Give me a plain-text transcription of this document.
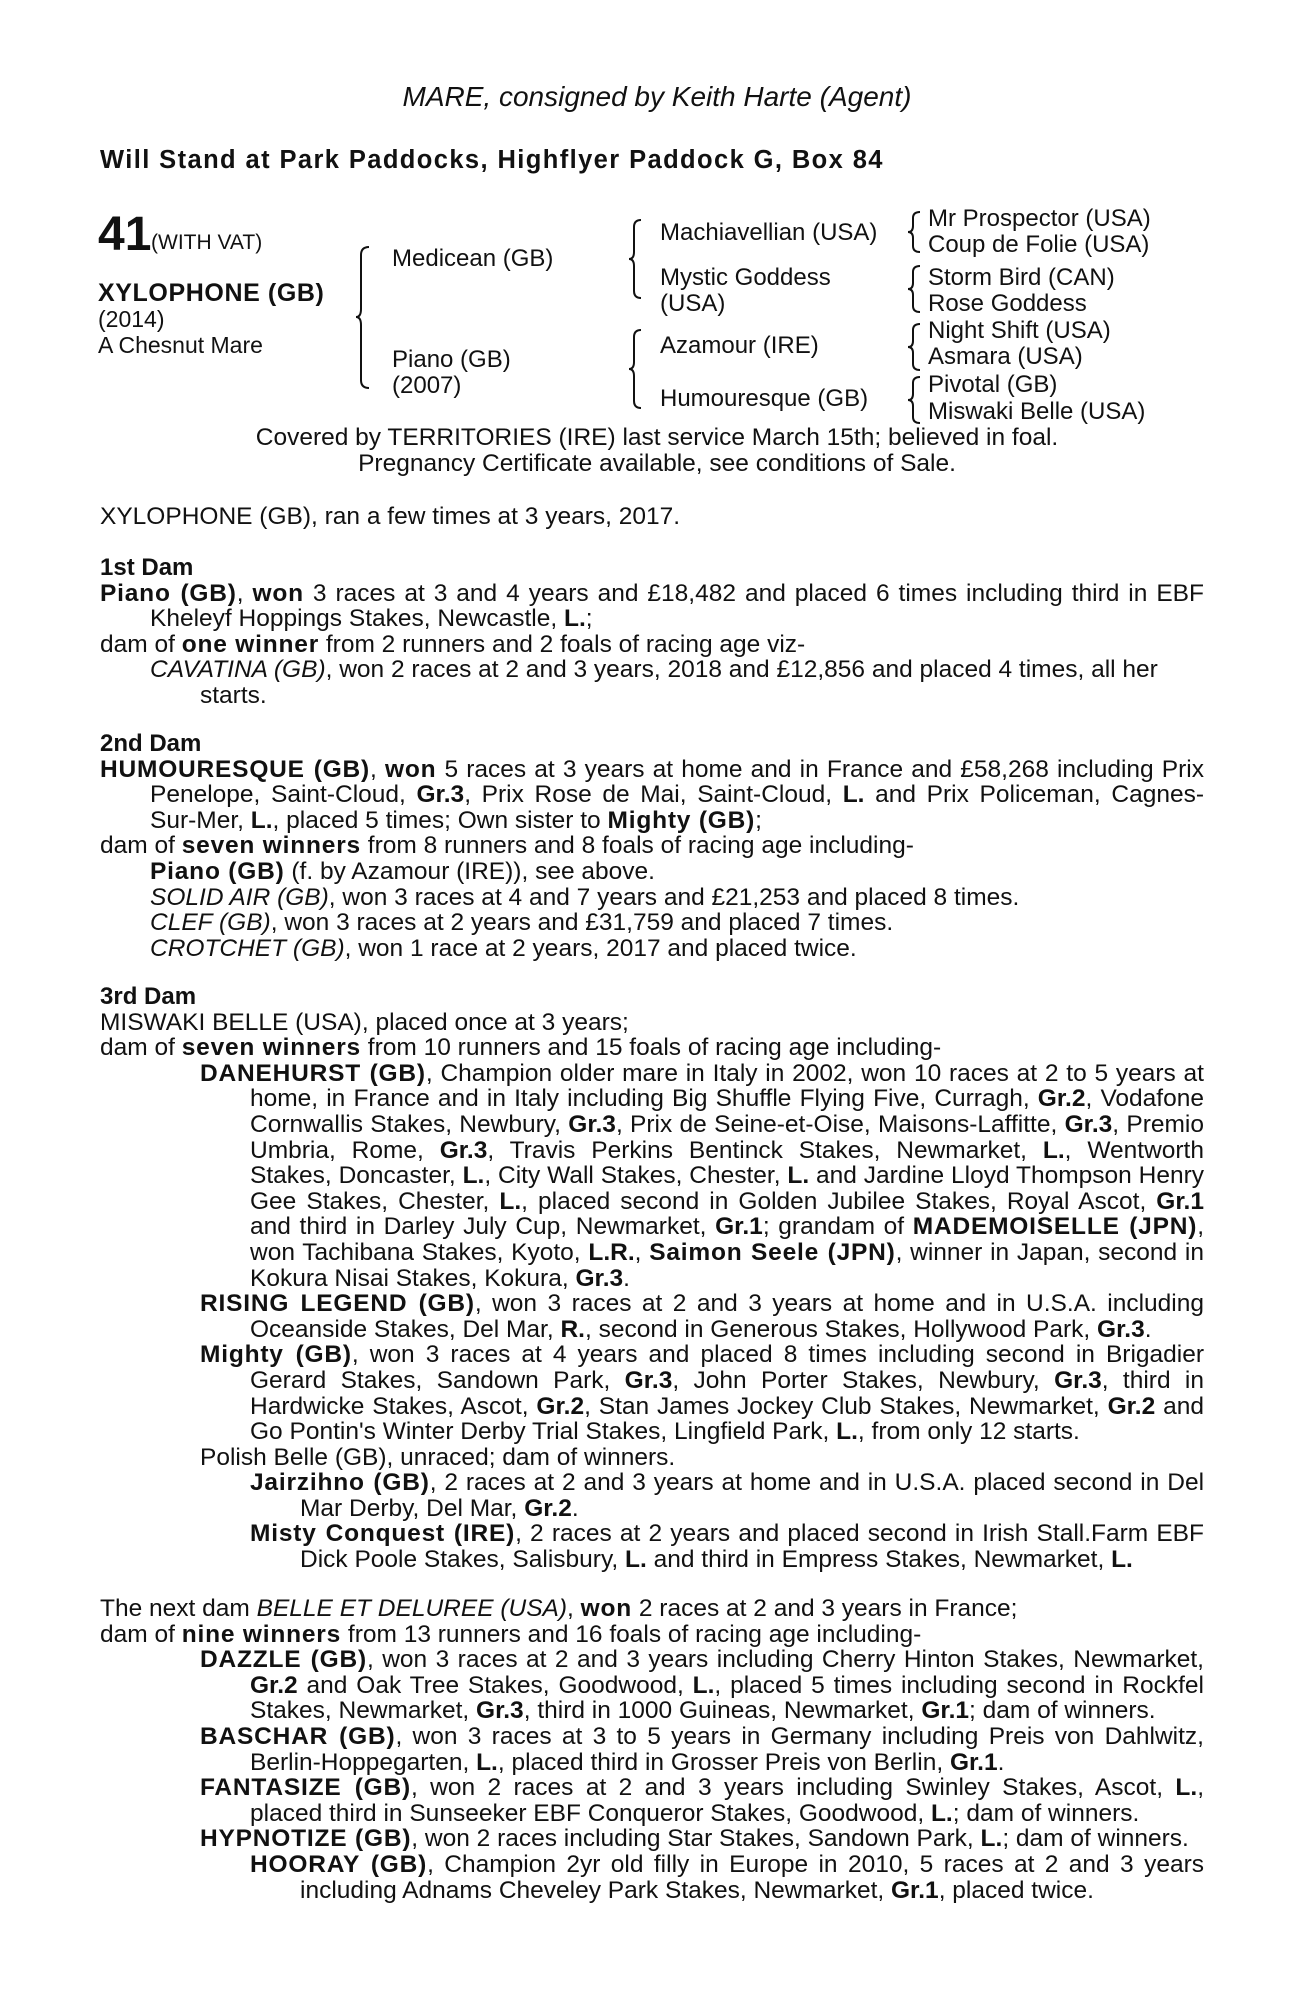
MARE, consigned by Keith Harte (Agent)
Will Stand at Park Paddocks, Highflyer Paddock G, Box 84
41 (WITH VAT)
XYLOPHONE (GB)
(2014)
A Chesnut Mare
Medicean (GB)
Piano (GB)
(2007)
Machiavellian (USA)
Mystic Goddess
(USA)
Azamour (IRE)
Humouresque (GB)
Mr Prospector (USA)
Coup de Folie (USA)
Storm Bird (CAN)
Rose Goddess
Night Shift (USA)
Asmara (USA)
Pivotal (GB)
Miswaki Belle (USA)
Covered by TERRITORIES (IRE) last service March 15th; believed in foal.
Pregnancy Certificate available, see conditions of Sale.
XYLOPHONE (GB), ran a few times at 3 years, 2017.
1st Dam
Piano (GB), won 3 races at 3 and 4 years and £18,482 and placed 6 times including third in EBF Kheleyf Hoppings Stakes, Newcastle, L.;
dam of one winner from 2 runners and 2 foals of racing age viz-
CAVATINA (GB), won 2 races at 2 and 3 years, 2018 and £12,856 and placed 4 times, all her starts.
2nd Dam
HUMOURESQUE (GB), won 5 races at 3 years at home and in France and £58,268 including Prix Penelope, Saint-Cloud, Gr.3, Prix Rose de Mai, Saint-Cloud, L. and Prix Policeman, Cagnes-Sur-Mer, L., placed 5 times; Own sister to Mighty (GB);
dam of seven winners from 8 runners and 8 foals of racing age including-
Piano (GB) (f. by Azamour (IRE)), see above.
SOLID AIR (GB), won 3 races at 4 and 7 years and £21,253 and placed 8 times.
CLEF (GB), won 3 races at 2 years and £31,759 and placed 7 times.
CROTCHET (GB), won 1 race at 2 years, 2017 and placed twice.
3rd Dam
MISWAKI BELLE (USA), placed once at 3 years;
dam of seven winners from 10 runners and 15 foals of racing age including-
DANEHURST (GB), Champion older mare in Italy in 2002, won 10 races at 2 to 5 years at home, in France and in Italy including Big Shuffle Flying Five, Curragh, Gr.2, Vodafone Cornwallis Stakes, Newbury, Gr.3, Prix de Seine-et-Oise, Maisons-Laffitte, Gr.3, Premio Umbria, Rome, Gr.3, Travis Perkins Bentinck Stakes, Newmarket, L., Wentworth Stakes, Doncaster, L., City Wall Stakes, Chester, L. and Jardine Lloyd Thompson Henry Gee Stakes, Chester, L., placed second in Golden Jubilee Stakes, Royal Ascot, Gr.1 and third in Darley July Cup, Newmarket, Gr.1; grandam of MADEMOISELLE (JPN), won Tachibana Stakes, Kyoto, L.R., Saimon Seele (JPN), winner in Japan, second in Kokura Nisai Stakes, Kokura, Gr.3.
RISING LEGEND (GB), won 3 races at 2 and 3 years at home and in U.S.A. including Oceanside Stakes, Del Mar, R., second in Generous Stakes, Hollywood Park, Gr.3.
Mighty (GB), won 3 races at 4 years and placed 8 times including second in Brigadier Gerard Stakes, Sandown Park, Gr.3, John Porter Stakes, Newbury, Gr.3, third in Hardwicke Stakes, Ascot, Gr.2, Stan James Jockey Club Stakes, Newmarket, Gr.2 and Go Pontin's Winter Derby Trial Stakes, Lingfield Park, L., from only 12 starts.
Polish Belle (GB), unraced; dam of winners.
Jairzihno (GB), 2 races at 2 and 3 years at home and in U.S.A. placed second in Del Mar Derby, Del Mar, Gr.2.
Misty Conquest (IRE), 2 races at 2 years and placed second in Irish Stall.Farm EBF Dick Poole Stakes, Salisbury, L. and third in Empress Stakes, Newmarket, L.
The next dam BELLE ET DELUREE (USA), won 2 races at 2 and 3 years in France;
dam of nine winners from 13 runners and 16 foals of racing age including-
DAZZLE (GB), won 3 races at 2 and 3 years including Cherry Hinton Stakes, Newmarket, Gr.2 and Oak Tree Stakes, Goodwood, L., placed 5 times including second in Rockfel Stakes, Newmarket, Gr.3, third in 1000 Guineas, Newmarket, Gr.1; dam of winners.
BASCHAR (GB), won 3 races at 3 to 5 years in Germany including Preis von Dahlwitz, Berlin-Hoppegarten, L., placed third in Grosser Preis von Berlin, Gr.1.
FANTASIZE (GB), won 2 races at 2 and 3 years including Swinley Stakes, Ascot, L., placed third in Sunseeker EBF Conqueror Stakes, Goodwood, L.; dam of winners.
HYPNOTIZE (GB), won 2 races including Star Stakes, Sandown Park, L.; dam of winners.
HOORAY (GB), Champion 2yr old filly in Europe in 2010, 5 races at 2 and 3 years including Adnams Cheveley Park Stakes, Newmarket, Gr.1, placed twice.
